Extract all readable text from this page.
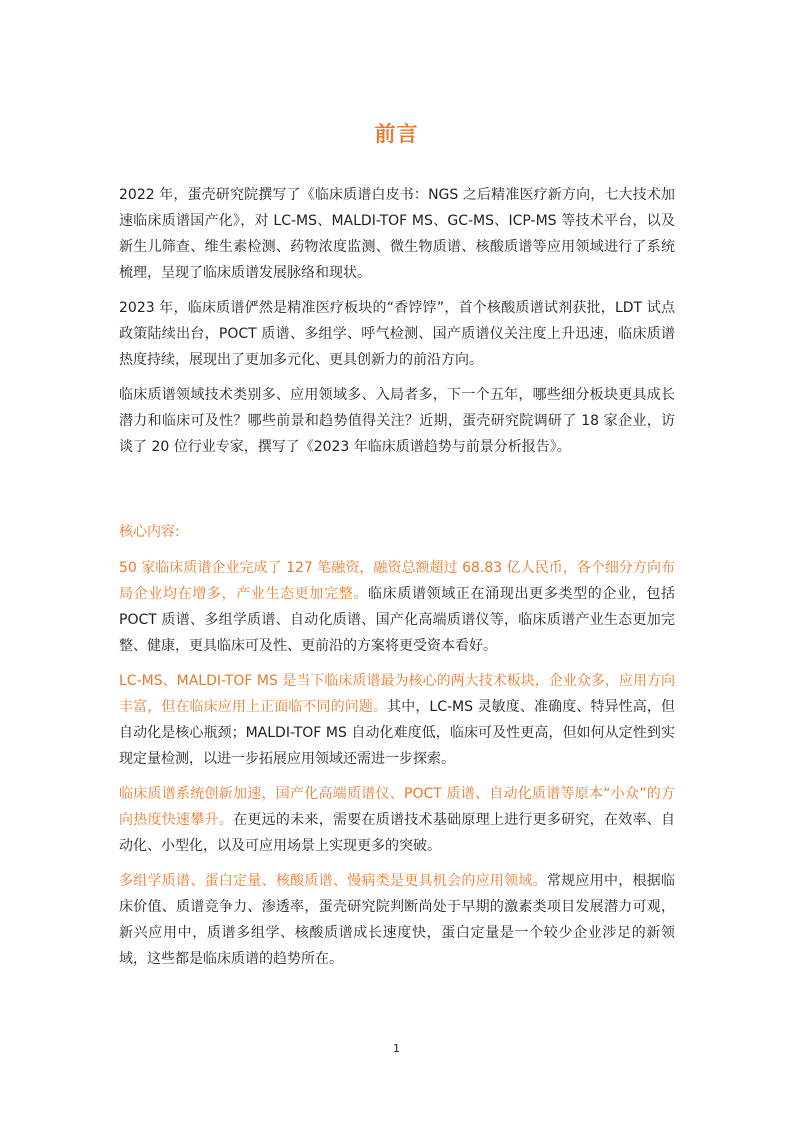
前言

2022 年，蛋壳研究院撰写了《临床质谱白皮书：NGS 之后精准医疗新方向，七大技术加速临床质谱国产化》，对 LC-MS、MALDI-TOF MS、GC-MS、ICP-MS 等技术平台，以及新生儿筛查、维生素检测、药物浓度监测、微生物质谱、核酸质谱等应用领域进行了系统梳理，呈现了临床质谱发展脉络和现状。

2023 年，临床质谱俨然是精准医疗板块的“香饽饽”，首个核酸质谱试剂获批，LDT 试点政策陆续出台，POCT 质谱、多组学、呼气检测、国产质谱仪关注度上升迅速，临床质谱热度持续，展现出了更加多元化、更具创新力的前沿方向。

临床质谱领域技术类别多、应用领域多、入局者多，下一个五年，哪些细分板块更具成长潜力和临床可及性？哪些前景和趋势值得关注？近期，蛋壳研究院调研了 18 家企业，访谈了 20 位行业专家，撰写了《2023 年临床质谱趋势与前景分析报告》。

核心内容:

50 家临床质谱企业完成了 127 笔融资，融资总额超过 68.83 亿人民币，各个细分方向布局企业均在增多，产业生态更加完整。临床质谱领域正在涌现出更多类型的企业，包括 POCT 质谱、多组学质谱、自动化质谱、国产化高端质谱仪等，临床质谱产业生态更加完整、健康，更具临床可及性、更前沿的方案将更受资本看好。

LC-MS、MALDI-TOF MS 是当下临床质谱最为核心的两大技术板块，企业众多，应用方向丰富，但在临床应用上正面临不同的问题。其中，LC-MS 灵敏度、准确度、特异性高，但自动化是核心瓶颈；MALDI-TOF MS 自动化难度低，临床可及性更高，但如何从定性到实现定量检测，以进一步拓展应用领域还需进一步探索。

临床质谱系统创新加速，国产化高端质谱仪、POCT 质谱、自动化质谱等原本“小众”的方向热度快速攀升。在更远的未来，需要在质谱技术基础原理上进行更多研究，在效率、自动化、小型化，以及可应用场景上实现更多的突破。

多组学质谱、蛋白定量、核酸质谱、慢病类是更具机会的应用领域。常规应用中，根据临床价值、质谱竞争力、渗透率，蛋壳研究院判断尚处于早期的激素类项目发展潜力可观，新兴应用中，质谱多组学、核酸质谱成长速度快，蛋白定量是一个较少企业涉足的新领域，这些都是临床质谱的趋势所在。

1
